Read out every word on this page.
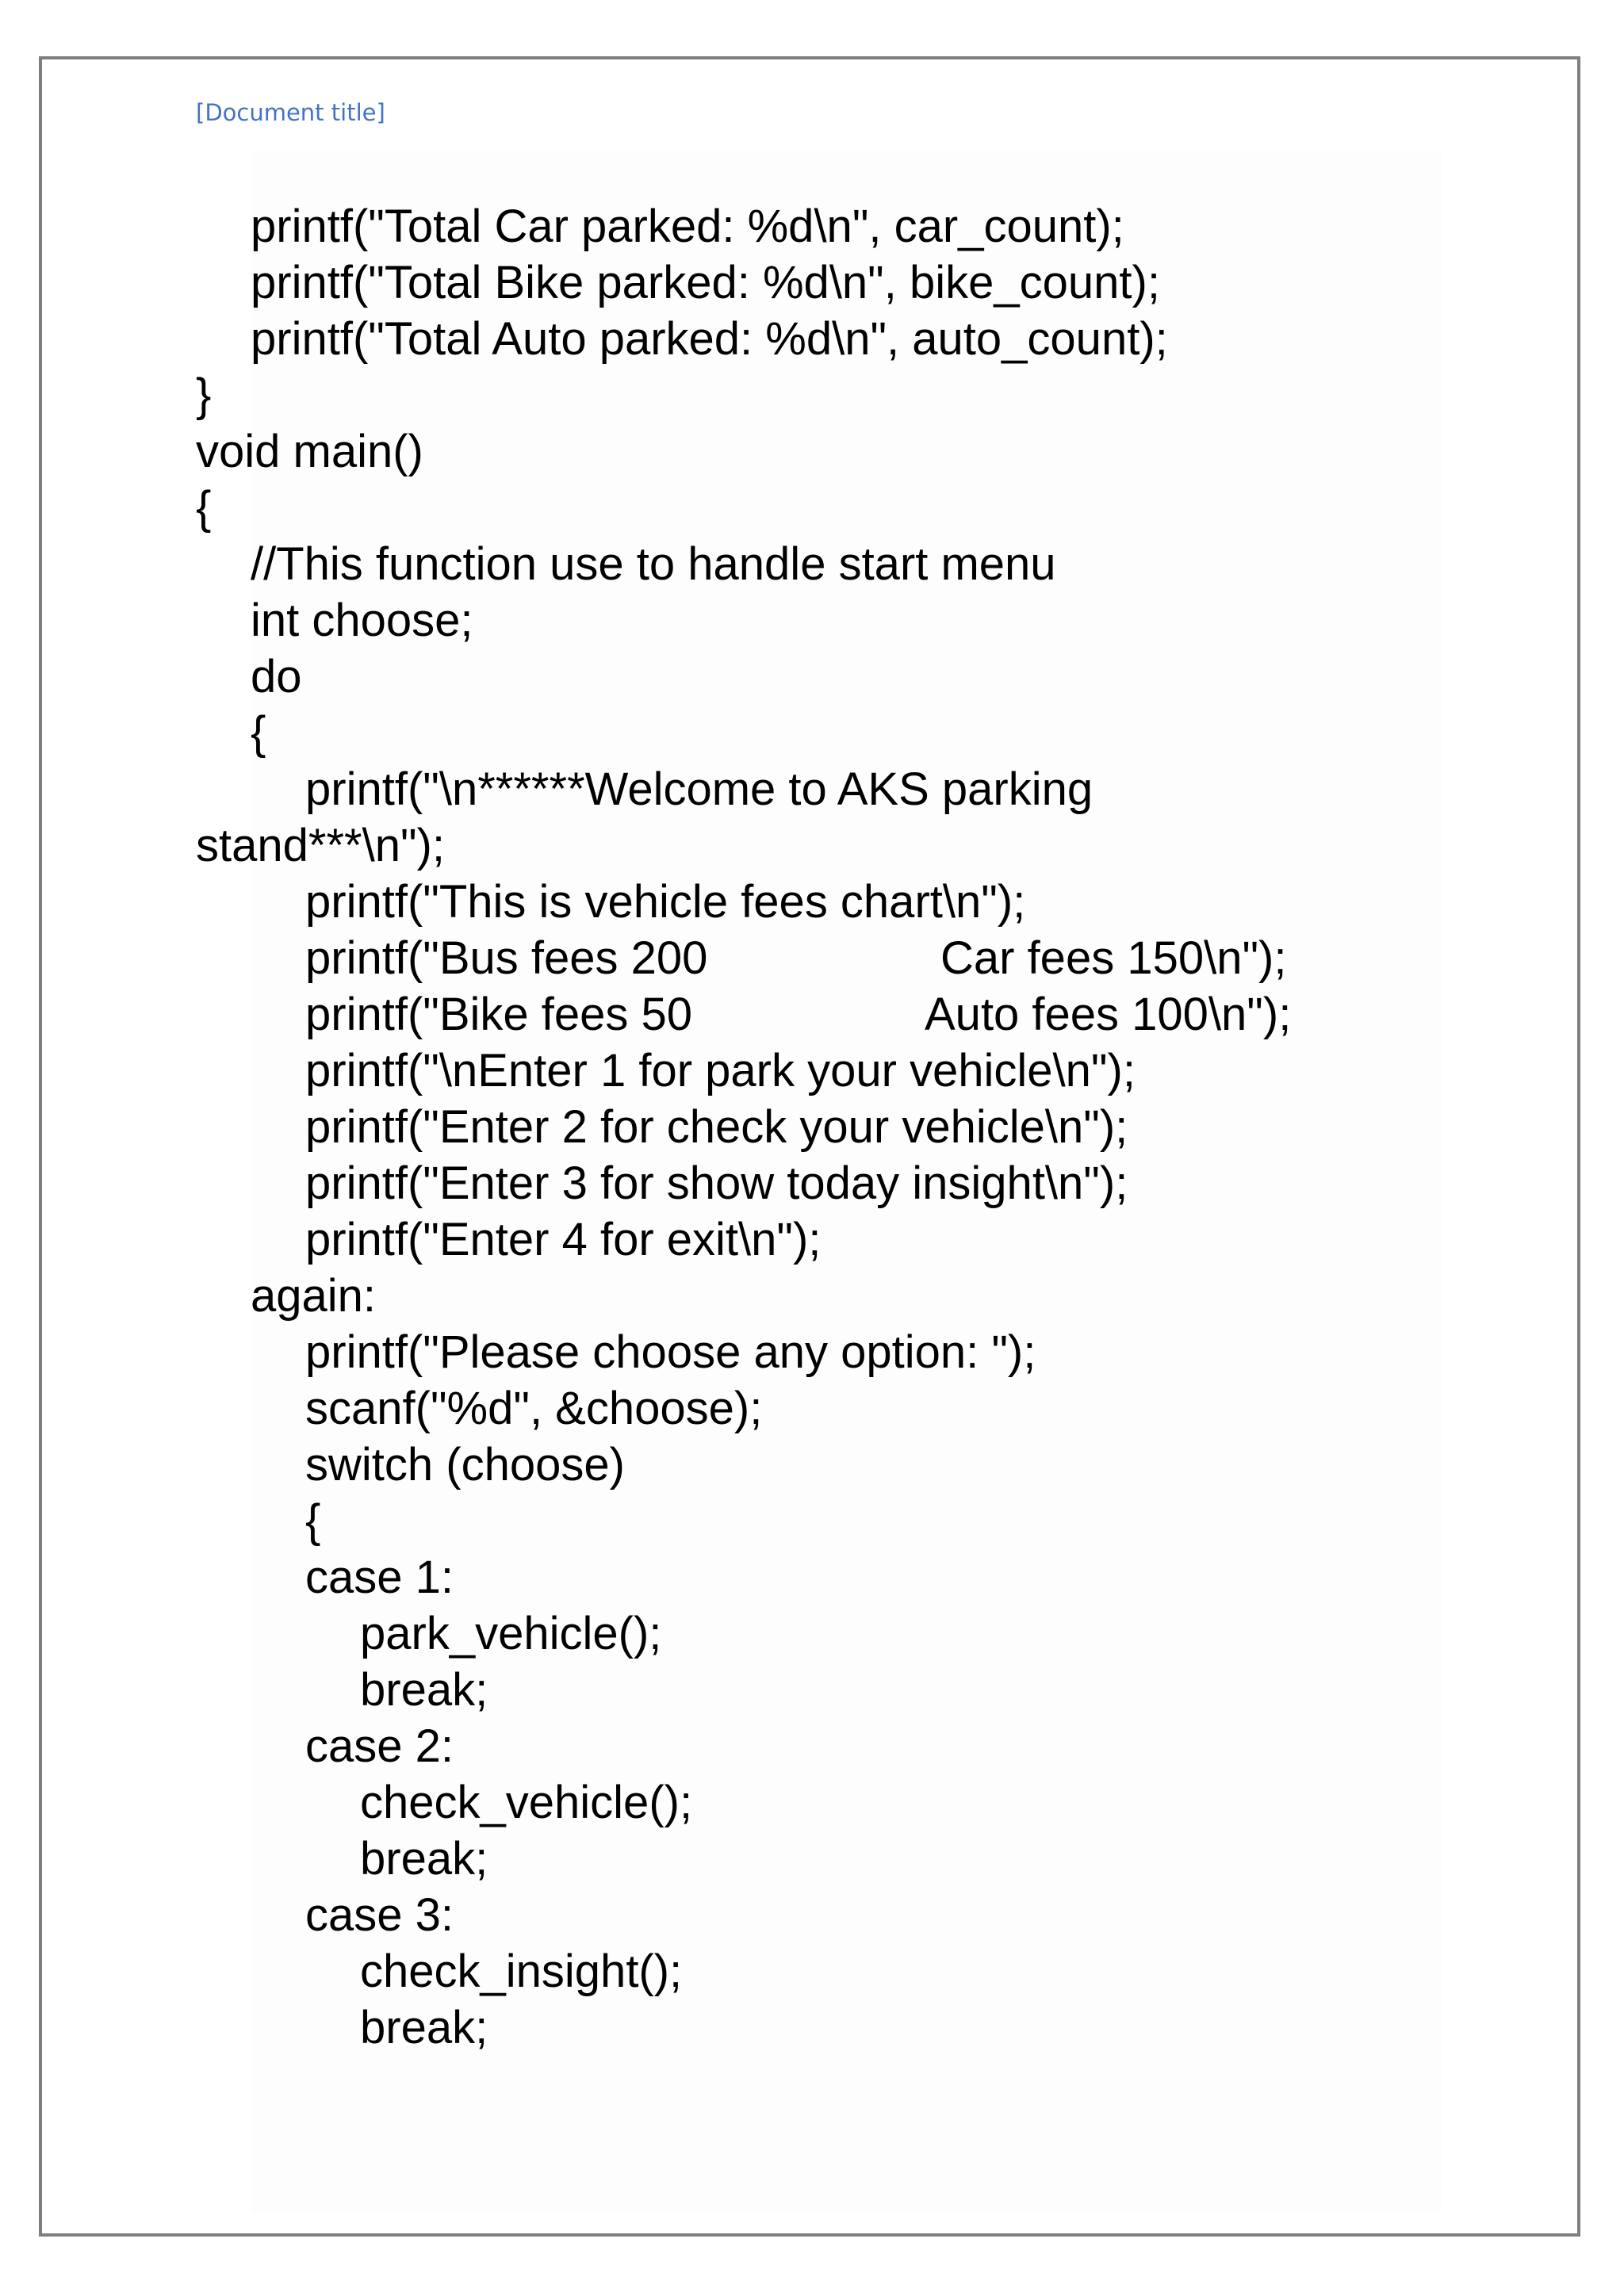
[Document title]
printf("Total Car parked: %d\n", car_count);
printf("Total Bike parked: %d\n", bike_count);
printf("Total Auto parked: %d\n", auto_count);
}
void main()
{
//This function use to handle start menu
int choose;
do
{
printf("\n******Welcome to AKS parking
stand***\n");
printf("This is vehicle fees chart\n");
printf("Bus fees 200	Car fees 150\n");
printf("Bike fees 50	Auto fees 100\n");
printf("\nEnter 1 for park your vehicle\n");
printf("Enter 2 for check your vehicle\n");
printf("Enter 3 for show today insight\n");
printf("Enter 4 for exit\n");
again:
printf("Please choose any option: ");
scanf("%d", &choose);
switch (choose)
{
case 1:
park_vehicle();
break;
case 2:
check_vehicle();
break;
case 3:
check_insight();
break;
